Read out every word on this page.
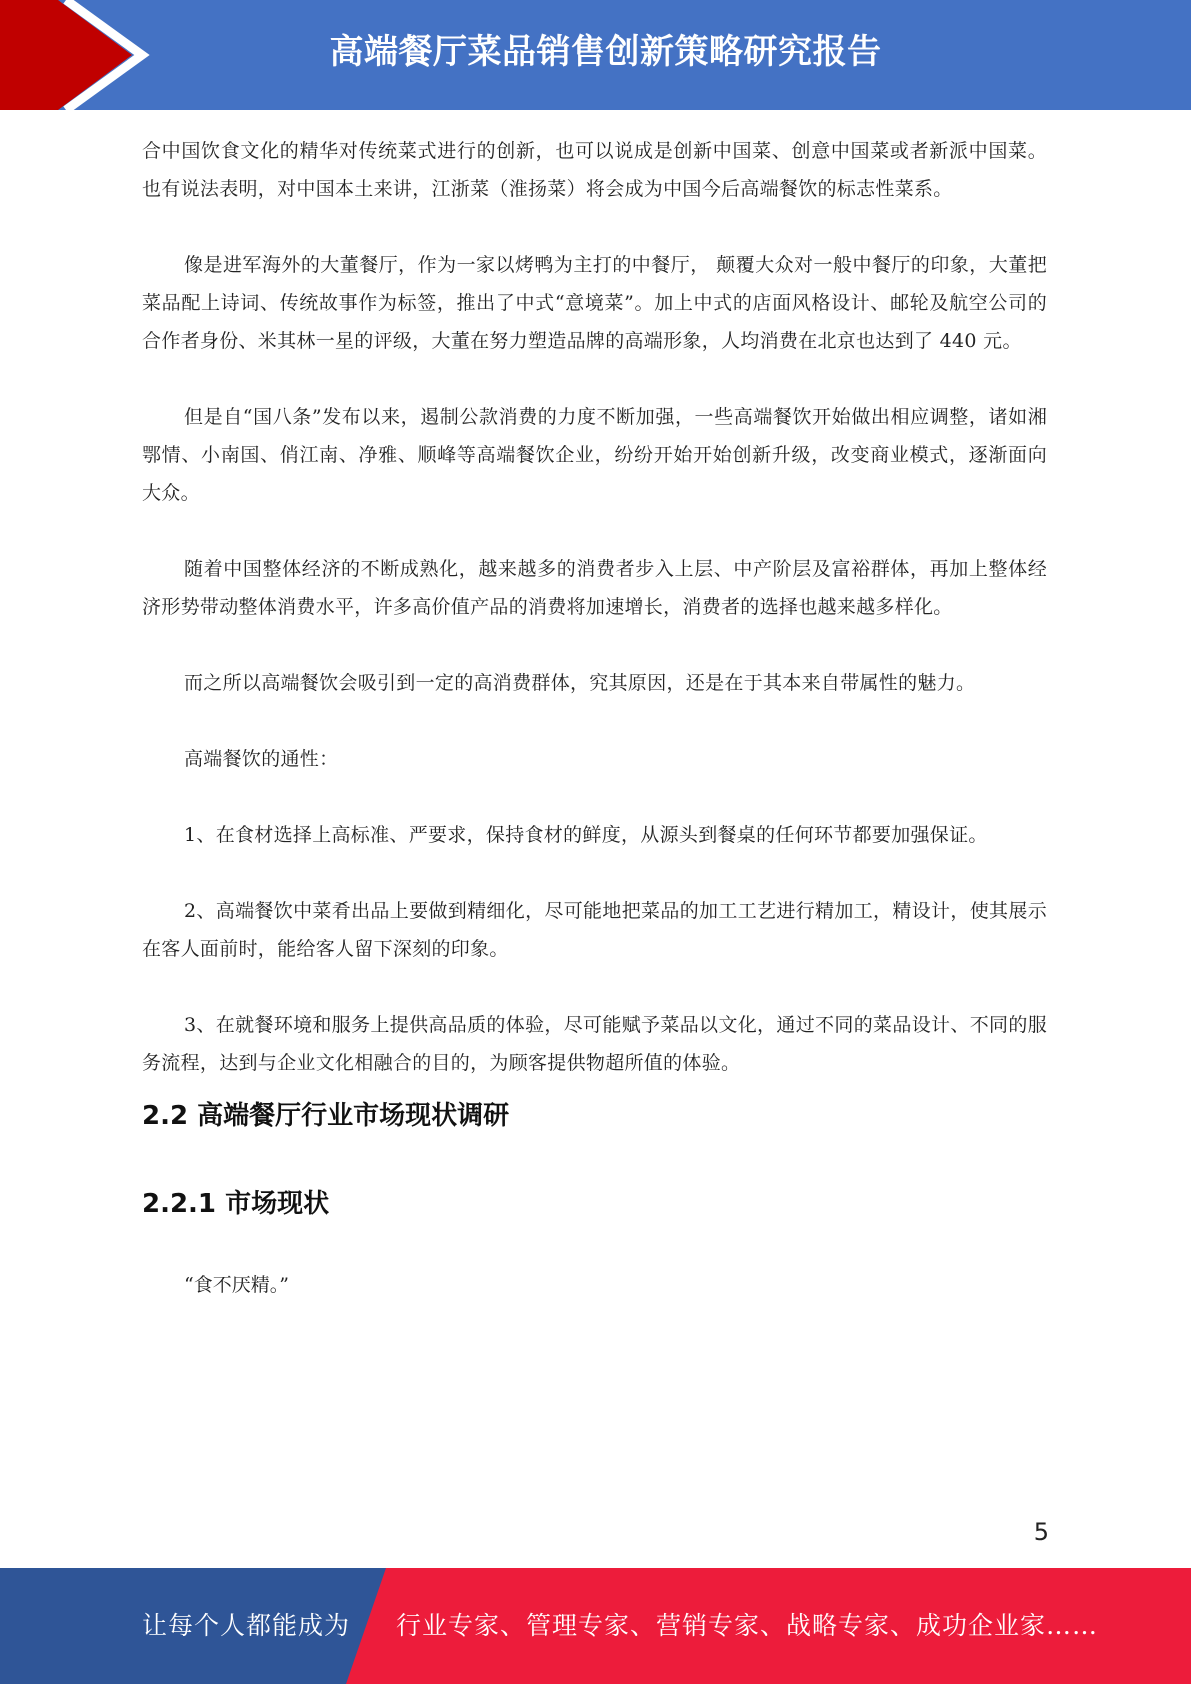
高端餐厅菜品销售创新策略研究报告

合中国饮食文化的精华对传统菜式进行的创新，也可以说成是创新中国菜、创意中国菜或者新派中国菜。也有说法表明，对中国本土来讲，江浙菜（淮扬菜）将会成为中国今后高端餐饮的标志性菜系。

像是进军海外的大董餐厅，作为一家以烤鸭为主打的中餐厅， 颠覆大众对一般中餐厅的印象，大董把菜品配上诗词、传统故事作为标签，推出了中式“意境菜”。加上中式的店面风格设计、邮轮及航空公司的合作者身份、米其林一星的评级，大董在努力塑造品牌的高端形象，人均消费在北京也达到了 440 元。

但是自“国八条”发布以来，遏制公款消费的力度不断加强，一些高端餐饮开始做出相应调整，诸如湘鄂情、小南国、俏江南、净雅、顺峰等高端餐饮企业，纷纷开始开始创新升级，改变商业模式，逐渐面向大众。

随着中国整体经济的不断成熟化，越来越多的消费者步入上层、中产阶层及富裕群体，再加上整体经济形势带动整体消费水平，许多高价值产品的消费将加速增长，消费者的选择也越来越多样化。

而之所以高端餐饮会吸引到一定的高消费群体，究其原因，还是在于其本来自带属性的魅力。

高端餐饮的通性：

1、在食材选择上高标准、严要求，保持食材的鲜度，从源头到餐桌的任何环节都要加强保证。

2、高端餐饮中菜肴出品上要做到精细化，尽可能地把菜品的加工工艺进行精加工，精设计，使其展示在客人面前时，能给客人留下深刻的印象。

3、在就餐环境和服务上提供高品质的体验，尽可能赋予菜品以文化，通过不同的菜品设计、不同的服务流程，达到与企业文化相融合的目的，为顾客提供物超所值的体验。

2.2 高端餐厅行业市场现状调研
2.2.1 市场现状

“食不厌精。”

5
让每个人都能成为 行业专家、管理专家、营销专家、战略专家、成功企业家……
